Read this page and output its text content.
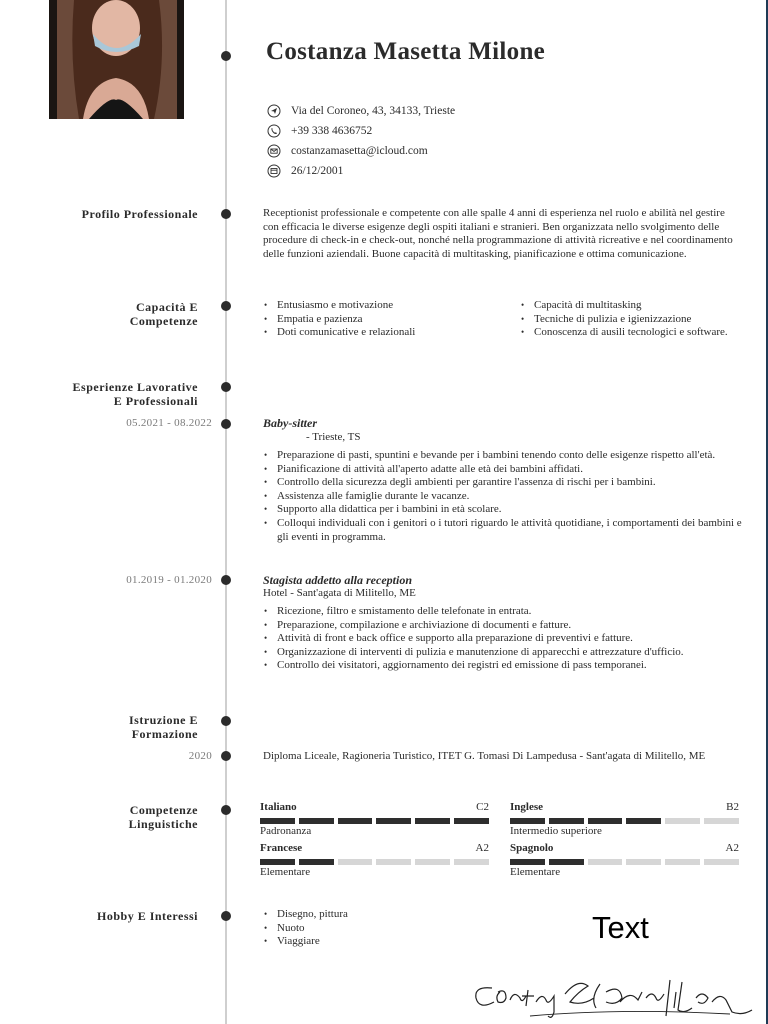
Costanza Masetta Milone
Via del Coroneo, 43, 34133, Trieste
+39 338 4636752
costanzamasetta@icloud.com
26/12/2001
Profilo Professionale	Receptionist professionale e competente con alle spalle 4 anni di esperienza nel ruolo e abilità nel gestire con efficacia le diverse esigenze degli ospiti italiani e stranieri. Ben organizzata nello svolgimento delle procedure di check-in e check-out, nonché nella programmazione di attività ricreative e nel coordinamento delle funzioni aziendali. Buone capacità di multitasking, pianificazione e ottima comunicazione.
Capacità E
Competenze
• Entusiasmo e motivazione
• Empatia e pazienza
• Doti comunicative e relazionali
• Capacità di multitasking
• Tecniche di pulizia e igienizzazione
• Conoscenza di ausili tecnologici e software.
Esperienze Lavorative
E Professionali
05.2021 - 08.2022	Baby-sitter
- Trieste, TS
• Preparazione di pasti, spuntini e bevande per i bambini tenendo conto delle esigenze rispetto all'età.
• Pianificazione di attività all'aperto adatte alle età dei bambini affidati.
• Controllo della sicurezza degli ambienti per garantire l'assenza di rischi per i bambini.
• Assistenza alle famiglie durante le vacanze.
• Supporto alla didattica per i bambini in età scolare.
• Colloqui individuali con i genitori o i tutori riguardo le attività quotidiane, i comportamenti dei bambini e gli eventi in programma.
01.2019 - 01.2020	Stagista addetto alla reception
Hotel - Sant'agata di Militello, ME
• Ricezione, filtro e smistamento delle telefonate in entrata.
• Preparazione, compilazione e archiviazione di documenti e fatture.
• Attività di front e back office e supporto alla preparazione di preventivi e fatture.
• Organizzazione di interventi di pulizia e manutenzione di apparecchi e attrezzature d'ufficio.
• Controllo dei visitatori, aggiornamento dei registri ed emissione di pass temporanei.
Istruzione E
Formazione
2020	Diploma Liceale, Ragioneria Turistico, ITET G. Tomasi Di Lampedusa - Sant'agata di Militello, ME
Competenze
Linguistiche
Italiano	C2
Padronanza
Inglese	B2
Intermedio superiore
Francese	A2
Elementare
Spagnolo	A2
Elementare
Hobby E Interessi
•	Disegno, pittura
• Nuoto
• Viaggiare	Text
